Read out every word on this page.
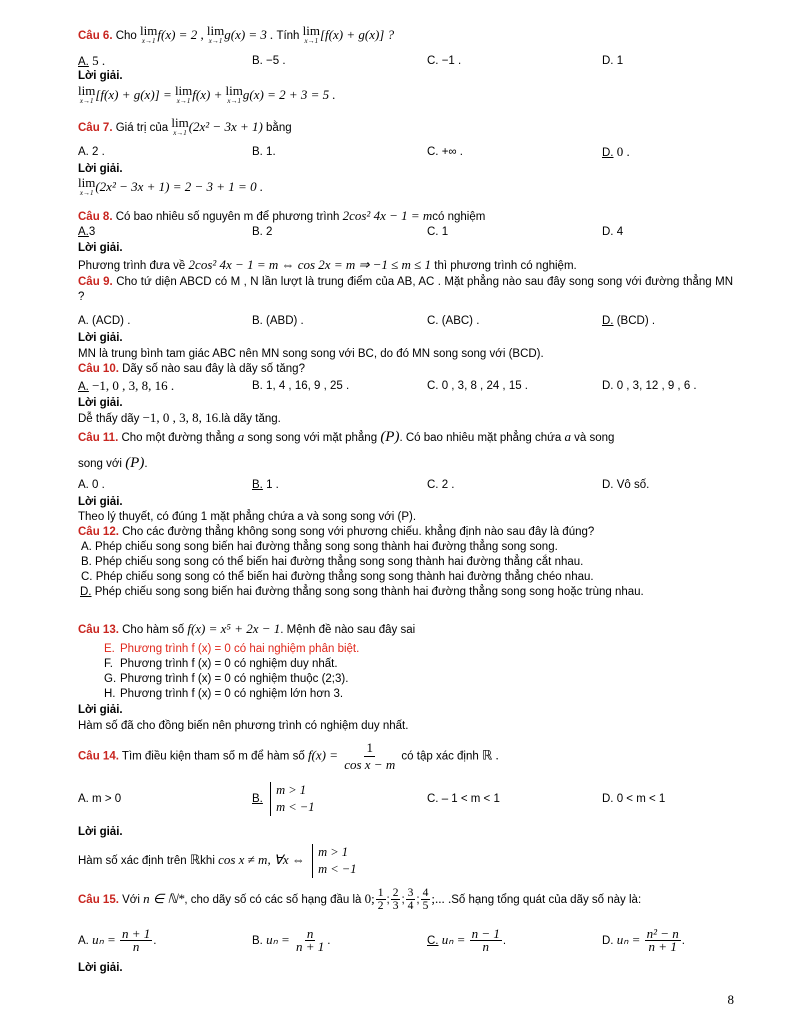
Câu 6. Cho lim
x→1 f(x) = 2 , lim
x→1 g(x) = 3 . Tính lim
x→1 [f(x) + g(x)] ?
A. 5 .	B. −5 .	C. −1 .	D. 1
Lời giải.
lim
x→1 [f(x) + g(x)] = lim
x→1 f(x) + lim
x→1 g(x) = 2 + 3 = 5 .
Câu 7. Giá trị của lim
x→1 (2x² − 3x + 1) bằng
A. 2 .	B. 1.	C. +∞ .	D. 0 .
Lời giải.
lim
x→1 (2x² − 3x + 1) = 2 − 3 + 1 = 0 .
Câu 8. Có bao nhiêu số nguyên m để phương trình 2cos² 4x − 1 = mcó nghiệm
A.3	B. 2	C. 1	D. 4
Lời giải.
Phương trình đưa về 2cos² 4x − 1 = m ⇔ cos 2x = m ⇒ −1 ≤ m ≤ 1 thì phương trình có nghiệm.
Câu 9. Cho tứ diện ABCD có M , N lần lượt là trung điểm của AB, AC . Mặt phẳng nào sau đây song song với đường thẳng MN ?
A. (ACD) .	B. (ABD) .	C. (ABC) .	D. (BCD) .
Lời giải.
MN là trung bình tam giác ABC nên MN song song với BC, do đó MN song song với (BCD).
Câu 10. Dãy số nào sau đây là dãy số tăng?
A. −1, 0 , 3, 8, 16 .	B. 1, 4 , 16, 9 , 25 .	C. 0 , 3, 8 , 24 , 15 .	D. 0 , 3, 12 , 9 , 6 .
Lời giải.
Dễ thấy dãy −1, 0 , 3, 8, 16.là dãy tăng.
Câu 11. Cho một đường thẳng a song song với mặt phẳng (P). Có bao nhiêu mặt phẳng chứa a và song
song với (P).
A. 0 .	B. 1 .	C. 2 .	D. Vô số.
Lời giải.
Theo lý thuyết, có đúng 1 mặt phẳng chứa a và song song với (P).
Câu 12. Cho các đường thẳng không song song với phương chiếu. khẳng định nào sau đây là đúng?
A. Phép chiếu song song biến hai đường thẳng song song thành hai đường thẳng song song.
B. Phép chiếu song song có thể biến hai đường thẳng song song thành hai đường thẳng cắt nhau.
C. Phép chiếu song song có thể biến hai đường thẳng song song thành hai đường thẳng chéo nhau.
D. Phép chiếu song song biến hai đường thẳng song song thành hai đường thẳng song song hoặc trùng nhau.
Câu 13. Cho hàm số f(x) = x⁵ + 2x − 1. Mệnh đề nào sau đây sai
E. Phương trình f (x) = 0 có hai nghiệm phân biệt.
F. Phương trình f (x) = 0 có nghiệm duy nhất.
G. Phương trình f (x) = 0 có nghiệm thuộc (2;3).
H. Phương trình f (x) = 0 có nghiệm lớn hơn 3.
Lời giải.
Hàm số đã cho đồng biến nên phương trình có nghiệm duy nhất.
Câu 14. Tìm điều kiện tham số m để hàm số $f(x) = \frac{1}{\text{cos x − m}}$ có tập xác định ℝ .
A. m > 0	B.
m > 1
m < −1
C. – 1 < m < 1	D. 0 < m < 1
Lời giải.
Hàm số xác định trên ℝkhi cos x ≠ m, ∀x ⇔
m > 1
m < −1
Câu 15. Với n ∈ ℕ*, cho dãy số có các số hạng đầu là 0; $\frac{1}{2}$ ; $\frac{2}{3}$ ; $\frac{3}{4}$ ; $\frac{4}{5}$ ;... .Số hạng tổng quát của dãy số này là:
A. $u_n = \frac{n + 1}{n}$ .	B. $u_n = \frac{n}{n + 1}$ .	C. $u_n = \frac{n - 1}{n}$ .	D. $u_n = \frac{\text{n² − n}}{n + 1}$ .
Lời giải.
8
